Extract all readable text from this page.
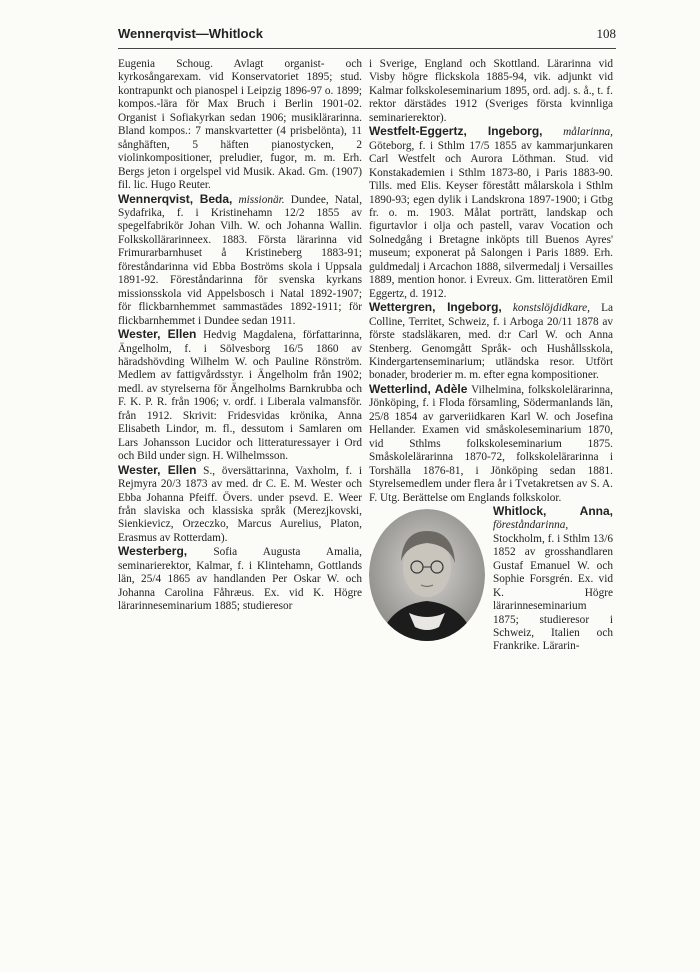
Wennerqvist—Whitlock	108

Eugenia Schoug. Avlagt organist- och kyrkosångarexam. vid Konservatoriet 1895; stud. kontrapunkt och pianospel i Leipzig 1896-97 o. 1899; kompos.-lära för Max Bruch i Berlin 1901-02. Organist i Sofiakyrkan sedan 1906; musiklärarinna. Bland kompos.: 7 manskvartetter (4 prisbelönta), 11 sånghäften, 5 häften pianostycken, 2 violinkompositioner, preludier, fugor, m. m. Erh. Bergs jeton i orgelspel vid Musik. Akad. Gm. (1907) fil. lic. Hugo Reuter.

Wennerqvist, Beda, missionär. Dundee, Natal, Sydafrika, f. i Kristinehamn 12/2 1855 av spegelfabrikör Johan Vilh. W. och Johanna Wallin. Folkskollärarinneex. 1883. Första lärarinna vid Frimurarbarnhuset å Kristineberg 1883-91; föreståndarinna vid Ebba Boströms skola i Uppsala 1891-92. Föreståndarinna för svenska kyrkans missionsskola vid Appelsbosch i Natal 1892-1907; för flickbarnhemmet sammastädes 1892-1911; för flickbarnhemmet i Dundee sedan 1911.

Wester, Ellen Hedvig Magdalena, författarinna, Ängelholm, f. i Sölvesborg 16/5 1860 av häradshövding Wilhelm W. och Pauline Rönström. Medlem av fattigvårdsstyr. i Ängelholm från 1902; medl. av styrelserna för Ängelholms Barnkrubba och F. K. P. R. från 1906; v. ordf. i Liberala valmansför. från 1912. Skrivit: Fridesvidas krönika, Anna Elisabeth Lindor, m. fl., dessutom i Samlaren om Lars Johansson Lucidor och litteraturessayer i Ord och Bild under sign. H. Wilhelmsson.

Wester, Ellen S., översättarinna, Vaxholm, f. i Rejmyra 20/3 1873 av med. dr C. E. M. Wester och Ebba Johanna Pfeiff. Övers. under psevd. E. Weer från slaviska och klassiska språk (Merezjkovski, Sienkievicz, Orzeczko, Marcus Aurelius, Platon, Erasmus av Rotterdam).

Westerberg, Sofia Augusta Amalia, seminarierektor, Kalmar, f. i Klintehamn, Gottlands län, 25/4 1865 av handlanden Per Oskar W. och Johanna Carolina Fåhræus. Ex. vid K. Högre lärarinneseminarium 1885; studieresor

i Sverige, England och Skottland. Lärarinna vid Visby högre flickskola 1885-94, vik. adjunkt vid Kalmar folkskoleseminarium 1895, ord. adj. s. å., t. f. rektor därstädes 1912 (Sveriges första kvinnliga seminarierektor).

Westfelt-Eggertz, Ingeborg, målarinna, Göteborg, f. i Sthlm 17/5 1855 av kammarjunkaren Carl Westfelt och Aurora Löthman. Stud. vid Konstakademien i Sthlm 1873-80, i Paris 1883-90. Tills. med Elis. Keyser förestått målarskola i Sthlm 1890-93; egen dylik i Landskrona 1897-1900; i Gtbg fr. o. m. 1903. Målat porträtt, landskap och figurtavlor i olja och pastell, varav Vocation och Solnedgång i Bretagne inköpts till Buenos Ayres' museum; exponerat på Salongen i Paris 1889. Erh. guldmedalj i Arcachon 1888, silvermedalj i Versailles 1889, mention honor. i Evreux. Gm. litteratören Emil Eggertz, d. 1912.

Wettergren, Ingeborg, konstslöjdidkare, La Colline, Territet, Schweiz, f. i Arboga 20/11 1878 av förste stadsläkaren, med. d:r Carl W. och Anna Stenberg. Genomgått Språk- och Hushållsskola, Kindergartenseminarium; utländska resor. Utfört bonader, broderier m. m. efter egna kompositioner.

Wetterlind, Adèle Vilhelmina, folkskolelärarinna, Jönköping, f. i Floda församling, Södermanlands län, 25/8 1854 av garveriidkaren Karl W. och Josefina Hellander. Examen vid småskoleseminarium 1870, vid Sthlms folkskoleseminarium 1875. Småskolelärarinna 1870-72, folkskolelärarinna i Torshälla 1876-81, i Jönköping sedan 1881. Styrelsemedlem under flera år i Tvetakretsen av S. A. F. Utg. Berättelse om Englands folkskolor.

Whitlock, Anna, föreståndarinna, Stockholm, f. i Sthlm 13/6 1852 av grosshandlaren Gustaf Emanuel W. och Sophie Forsgrén. Ex. vid K. Högre lärarinneseminarium 1875; studieresor i Schweiz, Italien och Frankrike. Lärarin-
